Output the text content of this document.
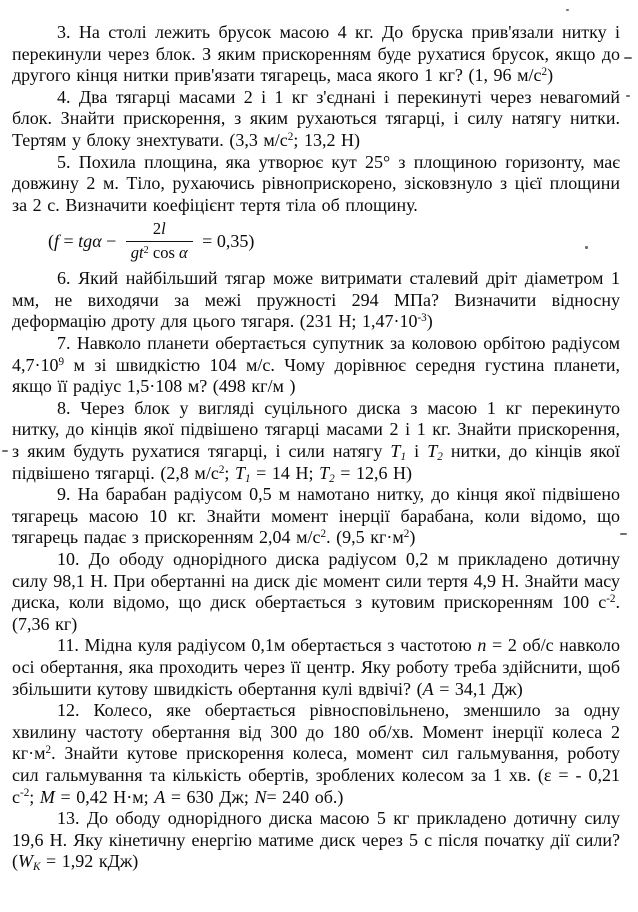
3. На столі лежить брусок масою 4 кг. До бруска прив'язали нитку і перекинули через блок. З яким прискоренням буде рухатися брусок, якщо до другого кінця нитки прив'язати тягарець, маса якого 1 кг? (1, 96 $м/с^2$)

4. Два тягарці масами 2 і 1 кг з'єднані і перекинуті через невагомий блок. Знайти прискорення, з яким рухаються тягарці, і силу натягу нитки. Тертям у блоку знехтувати. (3,3 $м/с^2$; 13,2 Н)

5. Похила площина, яка утворює кут 25° з площиною горизонту, має довжину 2 м. Тіло, рухаючись рівноприскорено, зісковзнуло з цієї площини за 2 с. Визначити коефіцієнт тертя тіла об площину.

$(f = tg\alpha - \frac{2l}{gt^2 \cos \alpha} = 0,35)$

6. Який найбільший тягар може витримати сталевий дріт діаметром 1 мм, не виходячи за межі пружності 294 МПа? Визначити відносну деформацію дроту для цього тягаря. (231 Н; $1,47\cdot 10^{-3}$)

7. Навколо планети обертається супутник за коловою орбітою радіусом $4,7\cdot 10^9$ м зі швидкістю 104 м/с. Чому дорівнює середня густина планети, якщо її радіус 1,5·108 м? (498 кг/м )

8. Через блок у вигляді суцільного диска з масою 1 кг перекинуто нитку, до кінців якої підвішено тягарці масами 2 і 1 кг. Знайти прискорення, з яким будуть рухатися тягарці, і сили натягу $T_1$ і $T_2$ нитки, до кінців якої підвішено тягарці. (2,8 $м/с^2$; $T_1 = 14$ Н; $T_2 = 12,6$ Н)

9. На барабан радіусом 0,5 м намотано нитку, до кінця якої підвішено тягарець масою 10 кг. Знайти момент інерції барабана, коли відомо, що тягарець падає з прискоренням 2,04 $м/с^2$. (9,5 $кг\cdot м^2$)

10. До ободу однорідного диска радіусом 0,2 м прикладено дотичну силу 98,1 Н. При обертанні на диск діє момент сили тертя 4,9 Н. Знайти масу диска, коли відомо, що диск обертається з кутовим прискоренням 100 $с^{-2}$. (7,36 кг)

11. Мідна куля радіусом 0,1м обертається з частотою n = 2 об/с навколо осі обертання, яка проходить через її центр. Яку роботу треба здійснити, щоб збільшити кутову швидкість обертання кулі вдвічі? (A = 34,1 Дж)

12. Колесо, яке обертається рівносповільнено, зменшило за одну хвилину частоту обертання від 300 до 180 об/хв. Момент інерції колеса 2 $кг\cdot м^2$. Знайти кутове прискорення колеса, момент сил гальмування, роботу сил гальмування та кількість обертів, зроблених колесом за 1 хв. (ε = - 0,21 $с^{-2}$; M = 0,42 Н·м; A = 630 Дж; N= 240 об.)

13. До ободу однорідного диска масою 5 кг прикладено дотичну силу 19,6 Н. Яку кінетичну енергію матиме диск через 5 с після початку дії сили? ($W_K = 1,92$ кДж)
